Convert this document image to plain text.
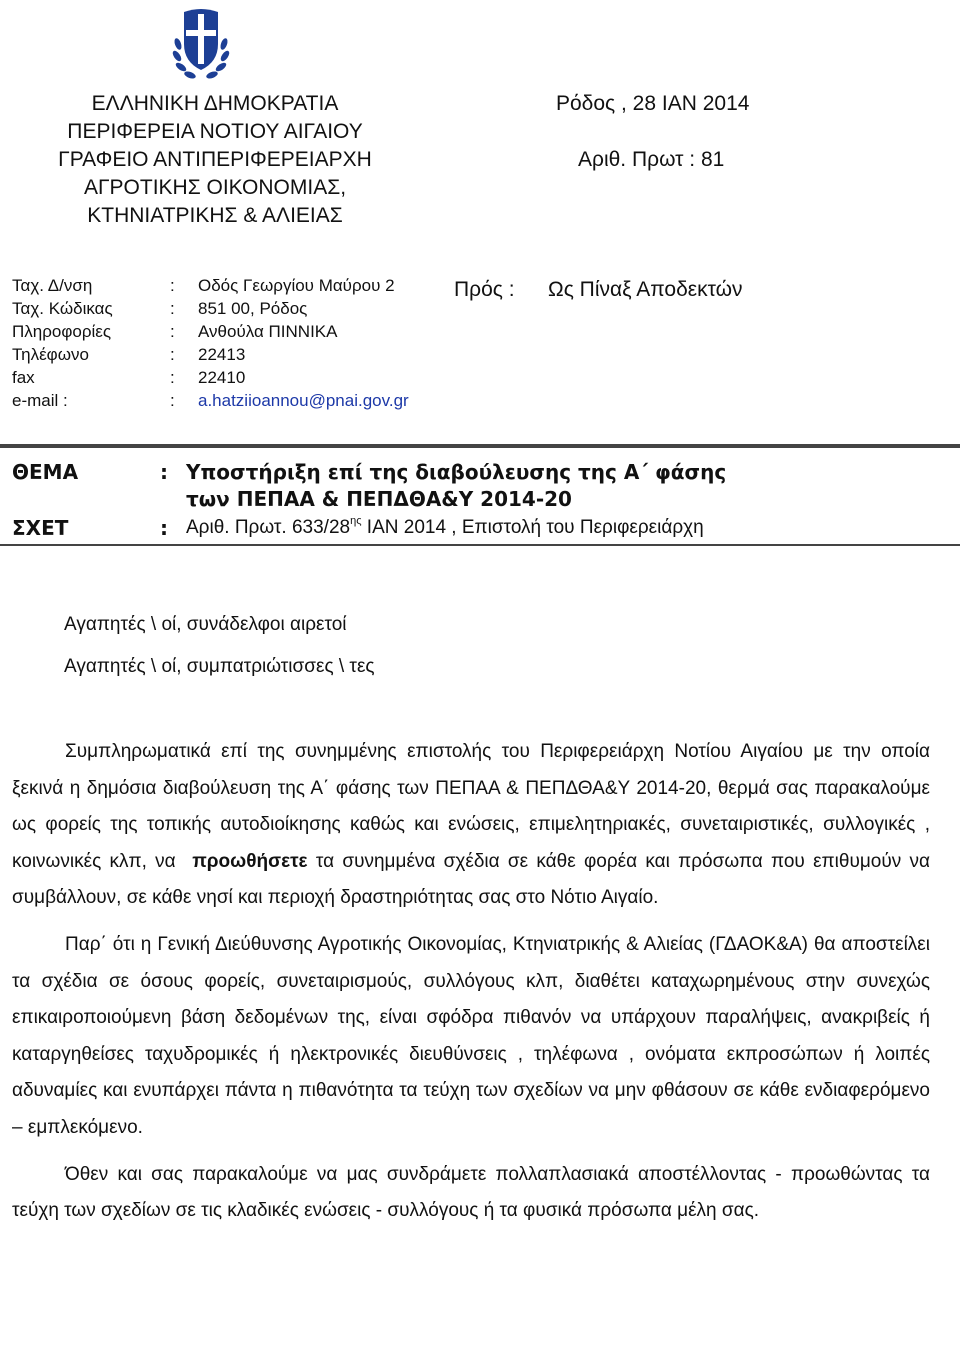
ΕΛΛΗΝΙΚΗ ΔΗΜΟΚΡΑΤΙΑ
ΠΕΡΙΦΕΡΕΙΑ ΝΟΤΙΟΥ ΑΙΓΑΙΟΥ
ΓΡΑΦΕΙΟ ΑΝΤΙΠΕΡΙΦΕΡΕΙΑΡΧΗ
ΑΓΡΟΤΙΚΗΣ ΟΙΚΟΝΟΜΙΑΣ,
ΚΤΗΝΙΑΤΡΙΚΗΣ & ΑΛΙΕΙΑΣ
Ρόδος , 28 ΙΑΝ 2014
Αριθ. Πρωτ : 81
Ταχ. Δ/νση	: Οδός Γεωργίου Μαύρου 2
Ταχ. Κώδικας	: 851 00, Ρόδος
Πληροφορίες	: Ανθούλα ΠΙΝΝΙΚΑ
Τηλέφωνο	: 22413
fax	: 22410
e-mail :	: a.hatziioannou@pnai.gov.gr
Πρός : Ως Πίναξ Αποδεκτών
ΘΕΜΑ	: Υποστήριξη επί της διαβούλευσης της Α΄ φάσης
των ΠΕΠΑΑ & ΠΕΠΔΘΑ&Υ 2014-20
ΣΧΕΤ	: Αριθ. Πρωτ. $633/28^{\eta\varsigma}$ ΙΑΝ 2014 , Επιστολή του Περιφερειάρχη
Αγαπητές \ οί, συνάδελφοι αιρετοί
Αγαπητές \ οί, συμπατριώτισσες \ τες

Συμπληρωματικά επί της συνημμένης επιστολής του Περιφερειάρχη Νοτίου Αιγαίου με την οποία ξεκινά η δημόσια διαβούλευση της Α΄ φάσης των ΠΕΠΑΑ & ΠΕΠΔΘΑ&Υ 2014-20, θερμά σας παρακαλούμε ως φορείς της τοπικής αυτοδιοίκησης καθώς και ενώσεις, επιμελητηριακές, συνεταιριστικές, συλλογικές , κοινωνικές κλπ, να προωθήσετε τα συνημμένα σχέδια σε κάθε φορέα και πρόσωπα που επιθυμούν να συμβάλλουν, σε κάθε νησί και περιοχή δραστηριότητας σας στο Νότιο Αιγαίο.

Παρ΄ ότι η Γενική Διεύθυνσης Αγροτικής Οικονομίας, Κτηνιατρικής & Αλιείας (ΓΔΑΟΚ&Α) θα αποστείλει τα σχέδια σε όσους φορείς, συνεταιρισμούς, συλλόγους κλπ, διαθέτει καταχωρημένους στην συνεχώς επικαιροποιούμενη βάση δεδομένων της, είναι σφόδρα πιθανόν να υπάρχουν παραλήψεις, ανακριβείς ή καταργηθείσες ταχυδρομικές ή ηλεκτρονικές διευθύνσεις , τηλέφωνα , ονόματα εκπροσώπων ή λοιπές αδυναμίες και ενυπάρχει πάντα η πιθανότητα τα τεύχη των σχεδίων να μην φθάσουν σε κάθε ενδιαφερόμενο – εμπλεκόμενο.

Όθεν και σας παρακαλούμε να μας συνδράμετε πολλαπλασιακά αποστέλλοντας - προωθώντας τα τεύχη των σχεδίων σε τις κλαδικές ενώσεις - συλλόγους ή τα φυσικά πρόσωπα μέλη σας.
